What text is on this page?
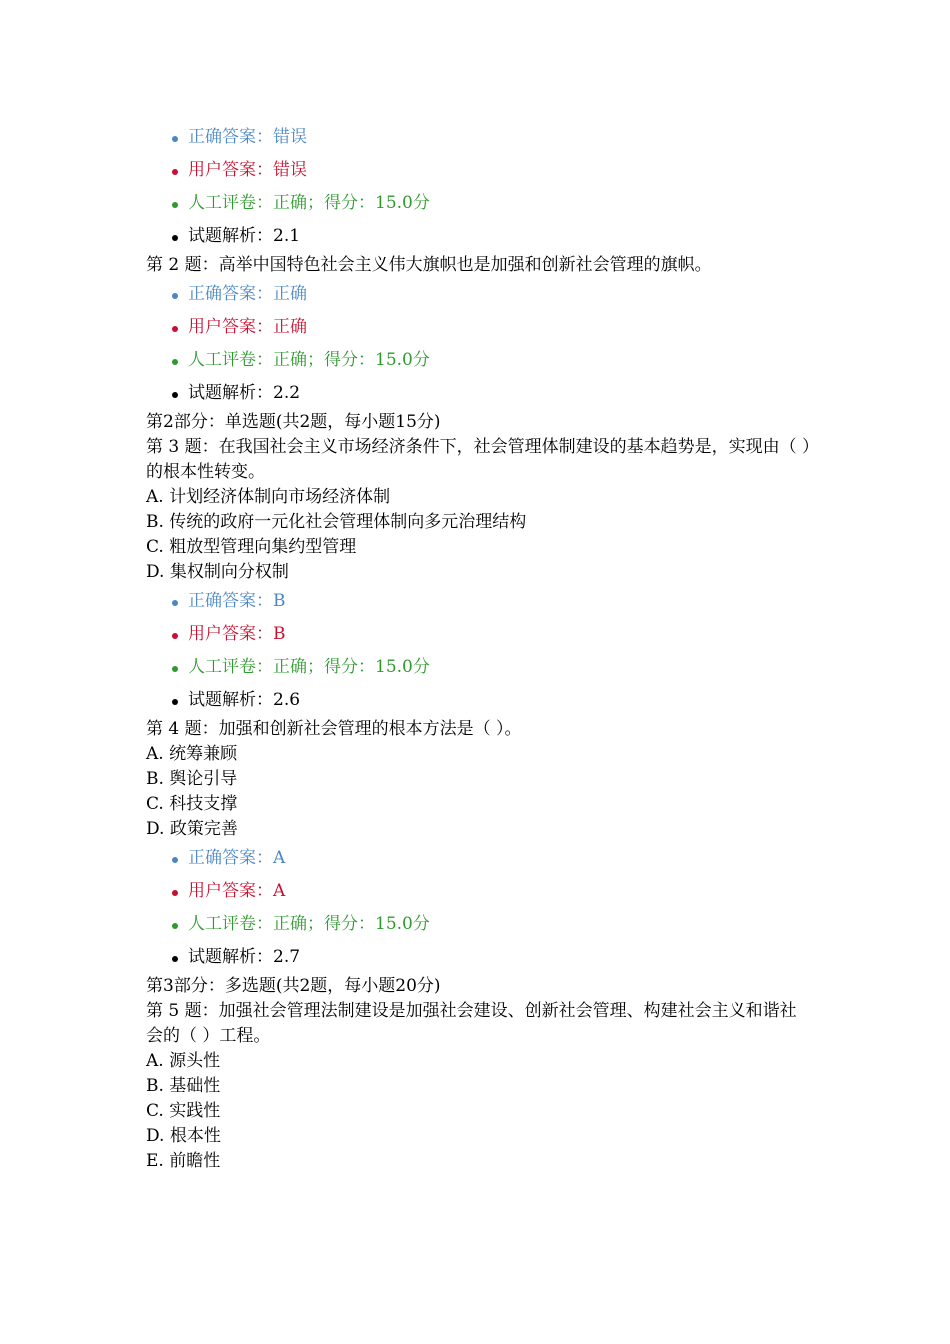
正确答案：错误
用户答案：错误
人工评卷：正确；得分：15.0分
试题解析：2.1
第 2 题：高举中国特色社会主义伟大旗帜也是加强和创新社会管理的旗帜。
正确答案：正确
用户答案：正确
人工评卷：正确；得分：15.0分
试题解析：2.2
第2部分：单选题(共2题，每小题15分)
第 3 题：在我国社会主义市场经济条件下，社会管理体制建设的基本趋势是，实现由（ ）的根本性转变。
A. 计划经济体制向市场经济体制
B. 传统的政府一元化社会管理体制向多元治理结构
C. 粗放型管理向集约型管理
D. 集权制向分权制
正确答案：B
用户答案：B
人工评卷：正确；得分：15.0分
试题解析：2.6
第 4 题：加强和创新社会管理的根本方法是（ ）。
A. 统筹兼顾
B. 舆论引导
C. 科技支撑
D. 政策完善
正确答案：A
用户答案：A
人工评卷：正确；得分：15.0分
试题解析：2.7
第3部分：多选题(共2题，每小题20分)
第 5 题：加强社会管理法制建设是加强社会建设、创新社会管理、构建社会主义和谐社会的（ ）工程。
A. 源头性
B. 基础性
C. 实践性
D. 根本性
E. 前瞻性
